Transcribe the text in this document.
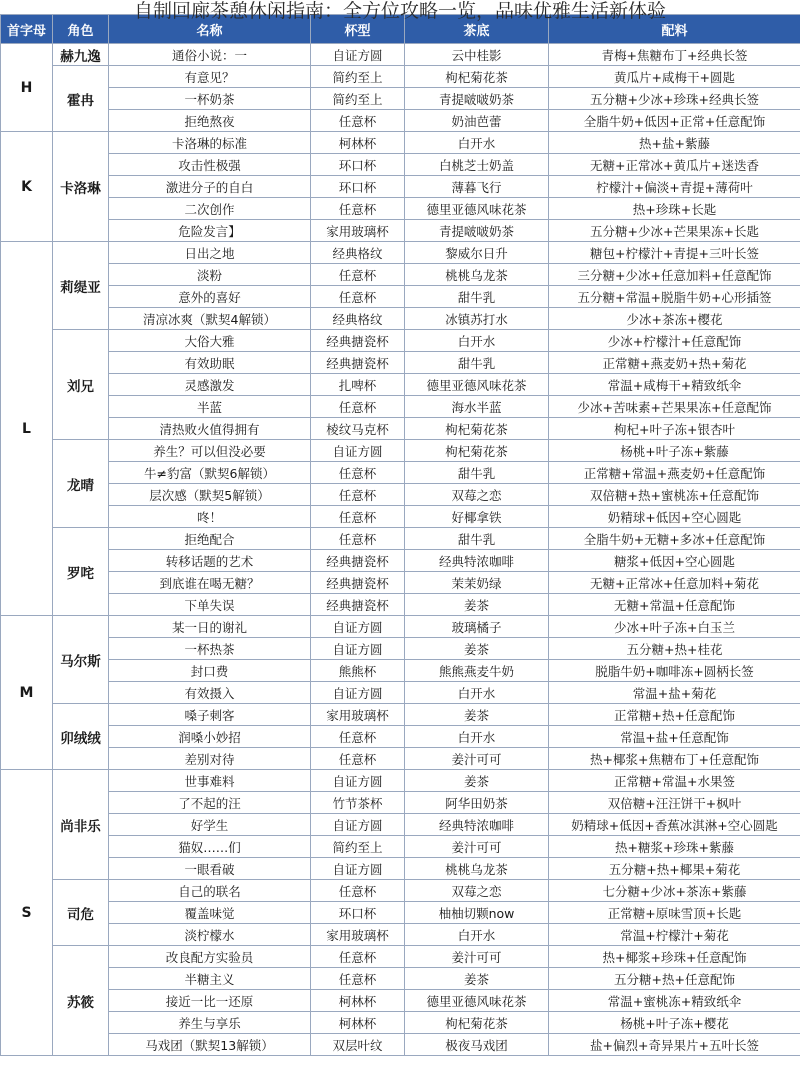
自制回廊茶憩休闲指南：全方位攻略一览，品味优雅生活新体验
首字母	角色	名称	杯型	茶底	配料
H	赫九逸	通俗小说：一	自证方圆	云中桂影	青梅+焦糖布丁+经典长签
	霍冉	有意见？	简约至上	枸杞菊花茶	黄瓜片+咸梅干+圆匙
		一杯奶茶	简约至上	青提啵啵奶茶	五分糖+少冰+珍珠+经典长签
		拒绝熬夜	任意杯	奶油芭蕾	全脂牛奶+低因+正常+任意配饰
K	卡洛琳	卡洛琳的标准	柯林杯	白开水	热+盐+紫藤
		攻击性极强	环口杯	白桃芝士奶盖	无糖+正常冰+黄瓜片+迷迭香
		激进分子的自白	环口杯	薄暮飞行	柠檬汁+偏淡+青提+薄荷叶
		二次创作	任意杯	德里亚德风味花茶	热+珍珠+长匙
		危险发言】	家用玻璃杯	青提啵啵奶茶	五分糖+少冰+芒果果冻+长匙
L	莉缇亚	日出之地	经典格纹	黎威尔日升	糖包+柠檬汁+青提+三叶长签
		淡粉	任意杯	桃桃乌龙茶	三分糖+少冰+任意加料+任意配饰
		意外的喜好	任意杯	甜牛乳	五分糖+常温+脱脂牛奶+心形插签
		清凉冰爽（默契4解锁）	经典格纹	冰镇苏打水	少冰+茶冻+樱花
	刘兄	大俗大雅	经典搪瓷杯	白开水	少冰+柠檬汁+任意配饰
		有效助眠	经典搪瓷杯	甜牛乳	正常糖+燕麦奶+热+菊花
		灵感激发	扎啤杯	德里亚德风味花茶	常温+咸梅干+精致纸伞
		半蓝	任意杯	海水半蓝	少冰+苦味素+芒果果冻+任意配饰
		清热败火值得拥有	棱纹马克杯	枸杞菊花茶	枸杞+叶子冻+银杏叶
	龙晴	养生？可以但没必要	自证方圆	枸杞菊花茶	杨桃+叶子冻+紫藤
		牛≠豹富（默契6解锁）	任意杯	甜牛乳	正常糖+常温+燕麦奶+任意配饰
		层次感（默契5解锁）	任意杯	双莓之恋	双倍糖+热+蜜桃冻+任意配饰
		咚！	任意杯	好椰拿铁	奶精球+低因+空心圆匙
	罗咤	拒绝配合	任意杯	甜牛乳	全脂牛奶+无糖+多冰+任意配饰
		转移话题的艺术	经典搪瓷杯	经典特浓咖啡	糖浆+低因+空心圆匙
		到底谁在喝无糖？	经典搪瓷杯	茉茉奶绿	无糖+正常冰+任意加料+菊花
		下单失误	经典搪瓷杯	姜茶	无糖+常温+任意配饰
M	马尔斯	某一日的谢礼	自证方圆	玻璃橘子	少冰+叶子冻+白玉兰
		一杯热茶	自证方圆	姜茶	五分糖+热+桂花
		封口费	熊熊杯	熊熊燕麦牛奶	脱脂牛奶+咖啡冻+圆柄长签
		有效摄入	自证方圆	白开水	常温+盐+菊花
	卯绒绒	嗓子刺客	家用玻璃杯	姜茶	正常糖+热+任意配饰
		润嗓小妙招	任意杯	白开水	常温+盐+任意配饰
		差别对待	任意杯	姜汁可可	热+椰浆+焦糖布丁+任意配饰
S	尚非乐	世事难料	自证方圆	姜茶	正常糖+常温+水果签
		了不起的汪	竹节茶杯	阿华田奶茶	双倍糖+汪汪饼干+枫叶
		好学生	自证方圆	经典特浓咖啡	奶精球+低因+香蕉冰淇淋+空心圆匙
		猫奴……们	简约至上	姜汁可可	热+糖浆+珍珠+紫藤
		一眼看破	自证方圆	桃桃乌龙茶	五分糖+热+椰果+菊花
	司危	自己的联名	任意杯	双莓之恋	七分糖+少冰+茶冻+紫藤
		覆盖味觉	环口杯	柚柚切颗now	正常糖+原味雪顶+长匙
		淡柠檬水	家用玻璃杯	白开水	常温+柠檬汁+菊花
	苏筱	改良配方实验员	任意杯	姜汁可可	热+椰浆+珍珠+任意配饰
		半糖主义	任意杯	姜茶	五分糖+热+任意配饰
		接近一比一还原	柯林杯	德里亚德风味花茶	常温+蜜桃冻+精致纸伞
		养生与享乐	柯林杯	枸杞菊花茶	杨桃+叶子冻+樱花
		马戏团（默契13解锁）	双层叶纹	极夜马戏团	盐+偏烈+奇异果片+五叶长签
